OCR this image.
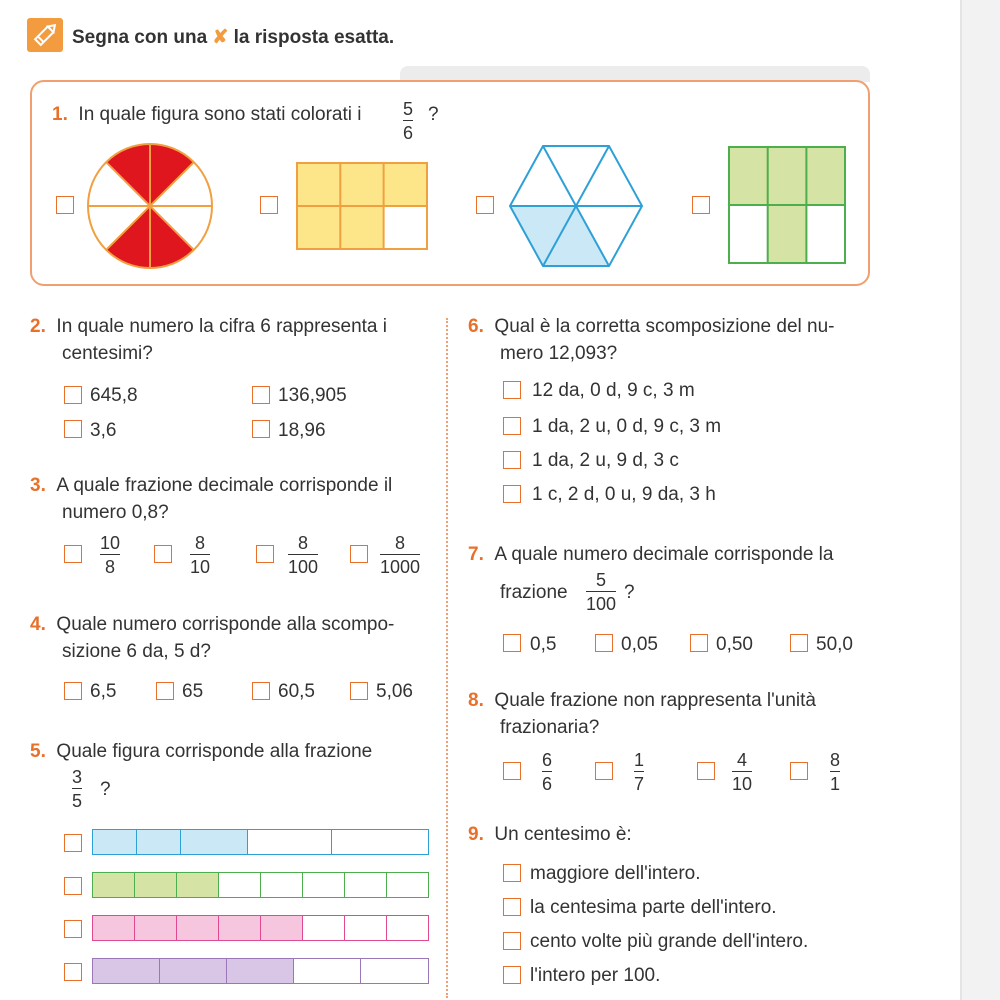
Segna con una ✘ la risposta esatta.
1. In quale figura sono stati colorati i 5
6
?
2. In quale numero la cifra 6 rappresenta i
centesimi?
645,8	136,905
3,6	18,96
3. A quale frazione decimale corrisponde il
numero 0,8?
10
8
8
10
8
100
8
1000
4. Quale numero corrisponde alla scompo-
sizione 6 da, 5 d?
6,5	65	60,5	5,06
5. Quale figura corrisponde alla frazione
3
5
?
6. Qual è la corretta scomposizione del nu-
mero 12,093?
12 da, 0 d, 9 c, 3 m
1 da, 2 u, 0 d, 9 c, 3 m
1 da, 2 u, 9 d, 3 c
1 c, 2 d, 0 u, 9 da, 3 h
7. A quale numero decimale corrisponde la
frazione
5
100
?
0,5	0,05	0,50	50,0
8. Quale frazione non rappresenta l'unità
frazionaria?
6
6
1
7
4
10
8
1
9. Un centesimo è:
maggiore dell'intero.
la centesima parte dell'intero.
cento volte più grande dell'intero.
l'intero per 100.
